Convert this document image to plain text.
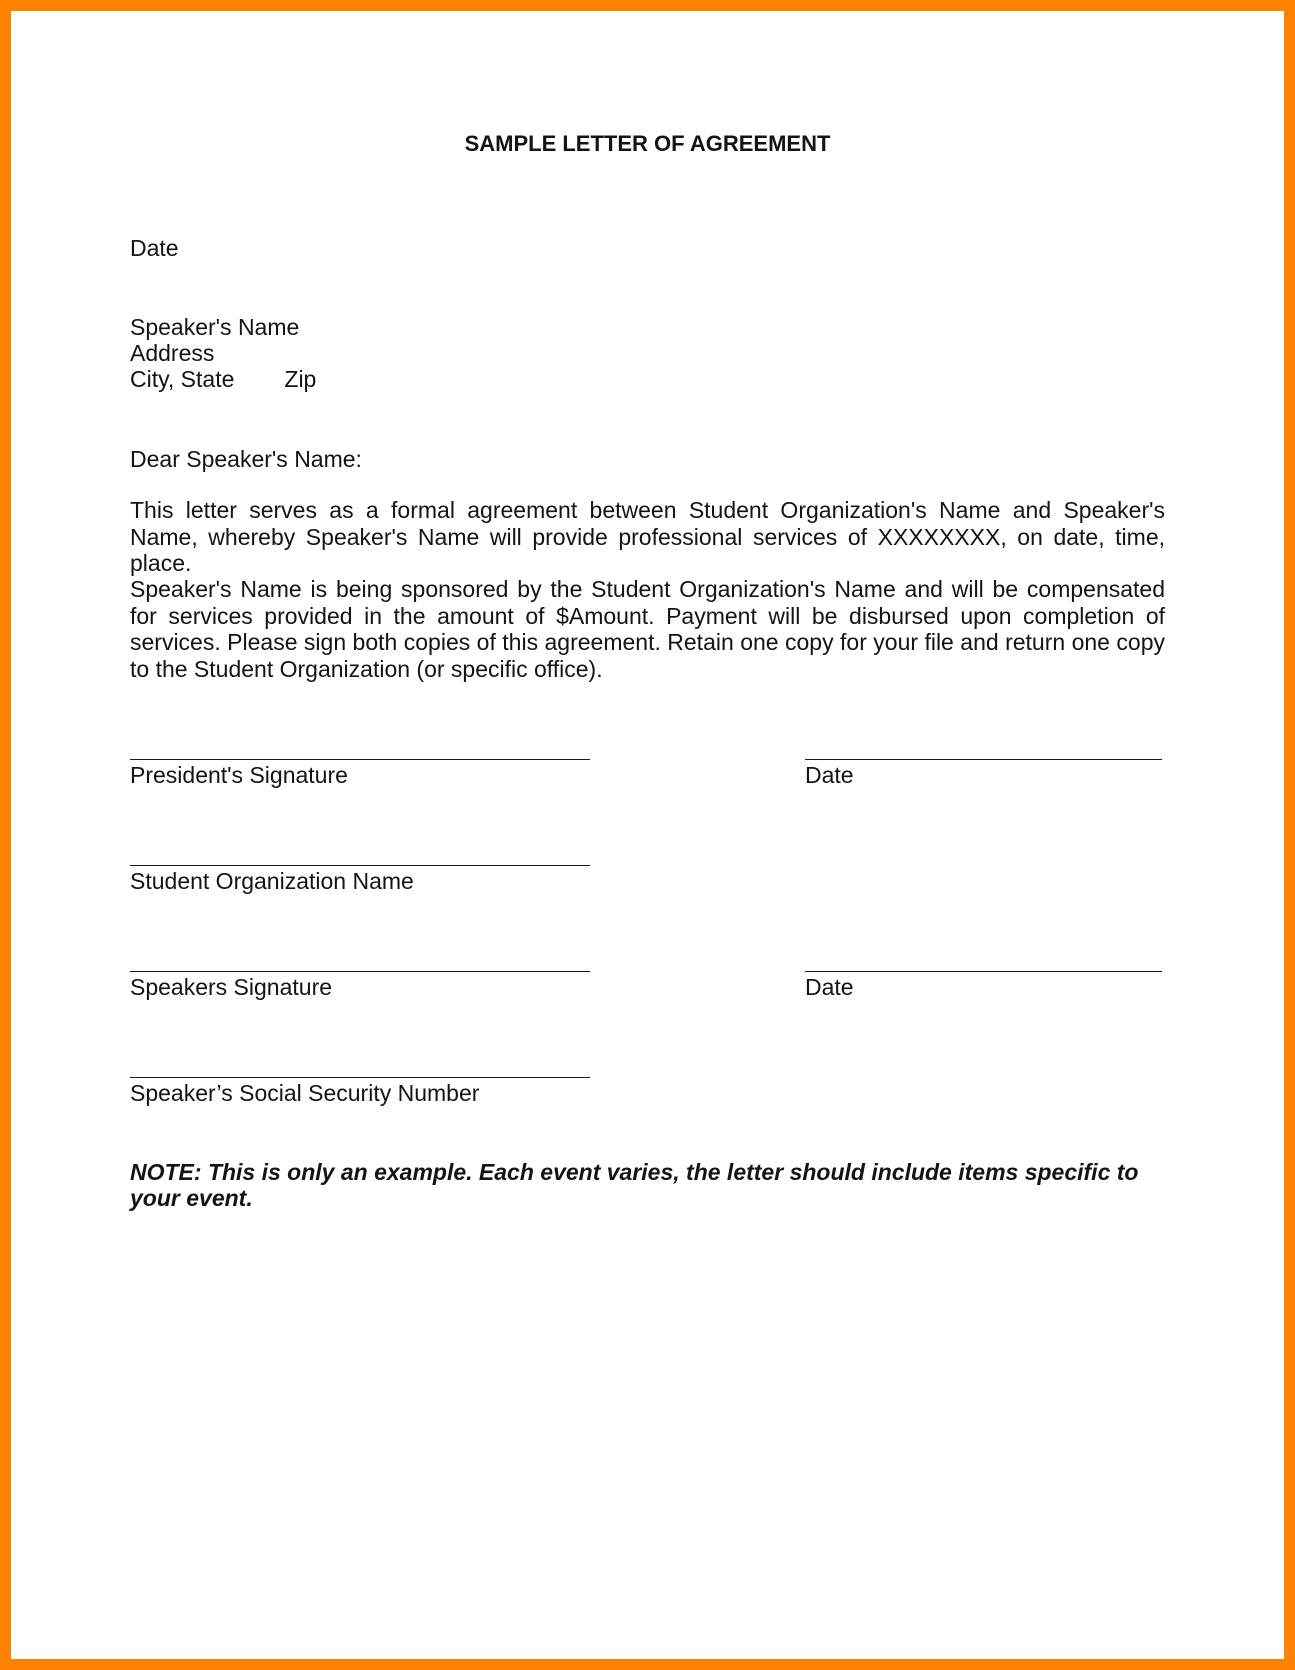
SAMPLE LETTER OF AGREEMENT
Date
Speaker's Name
Address
City, State Zip
Dear Speaker's Name:
This letter serves as a formal agreement between Student Organization's Name and Speaker's Name, whereby Speaker's Name will provide professional services of XXXXXXXX, on date, time, place.
Speaker's Name is being sponsored by the Student Organization's Name and will be compensated for services provided in the amount of $Amount. Payment will be disbursed upon completion of services. Please sign both copies of this agreement. Retain one copy for your file and return one copy to the Student Organization (or specific office).
President's Signature	Date
Student Organization Name
Speakers Signature	Date
Speaker’s Social Security Number
NOTE: This is only an example. Each event varies, the letter should include items specific to your event.
